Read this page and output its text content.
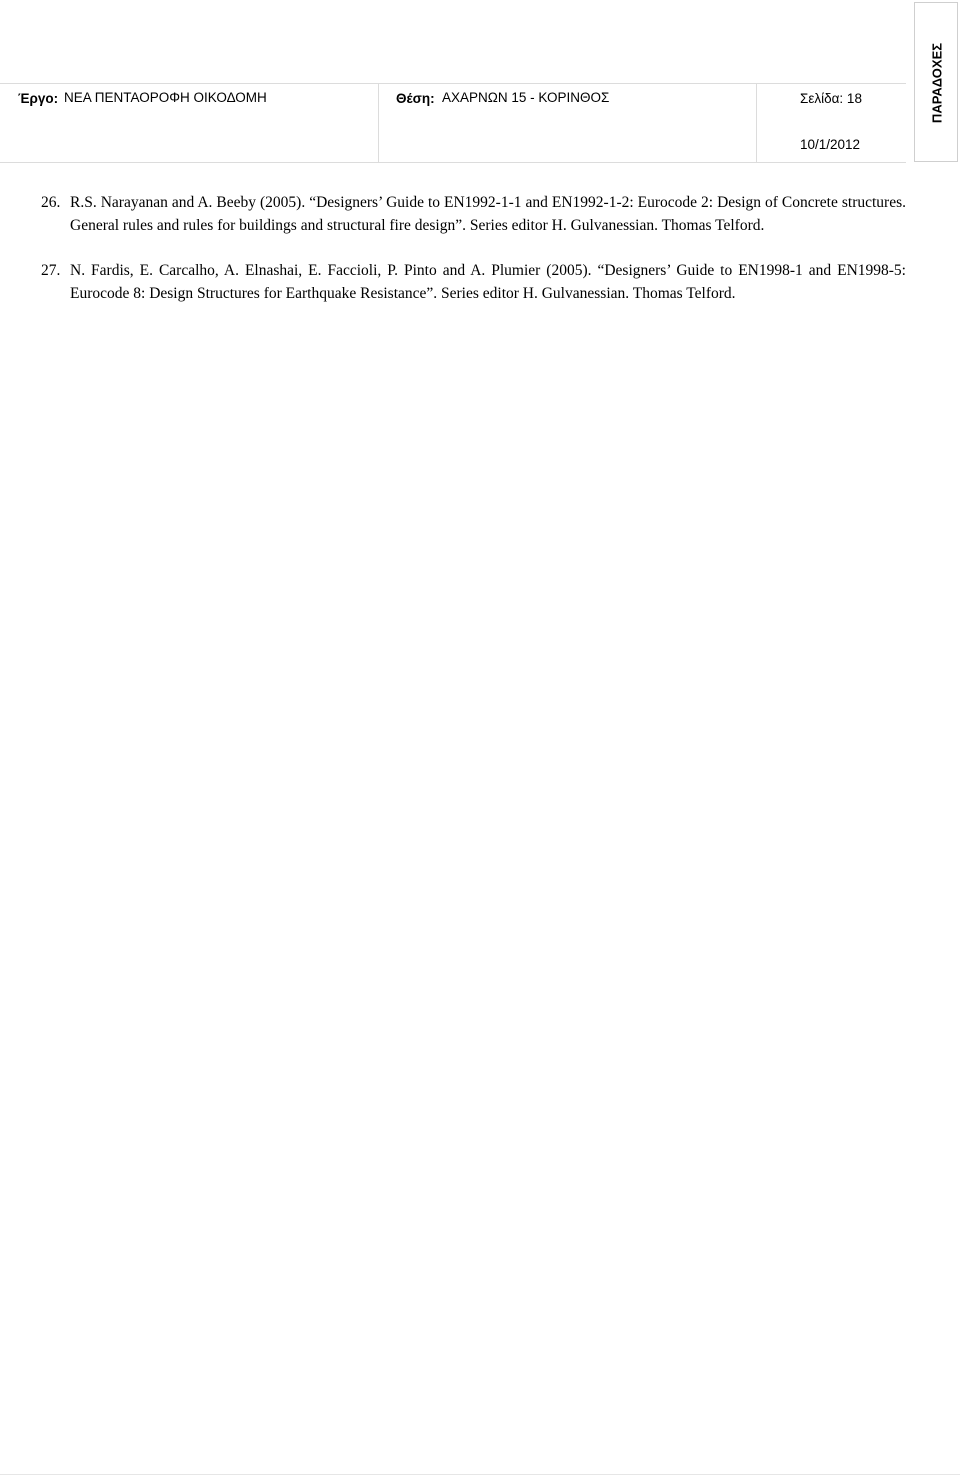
Έργο: ΝΕΑ ΠΕΝΤΑΟΡΟΦΗ ΟΙΚΟΔΟΜΗ	Θέση: ΑΧΑΡΝΩΝ 15 - ΚΟΡΙΝΘΟΣ	Σελίδα: 18
10/1/2012
ΠΑΡΑΔΟΧΕΣ
26. R.S. Narayanan and A. Beeby (2005). “Designers’ Guide to EN1992-1-1 and EN1992-1-2: Eurocode 2: Design of Concrete structures. General rules and rules for buildings and structural fire design”. Series editor H. Gulvanessian. Thomas Telford.
27. N. Fardis, E. Carcalho, A. Elnashai, E. Faccioli, P. Pinto and A. Plumier (2005). “Designers’ Guide to EN1998-1 and EN1998-5: Eurocode 8: Design Structures for Earthquake Resistance”. Series editor H. Gulvanessian. Thomas Telford.
